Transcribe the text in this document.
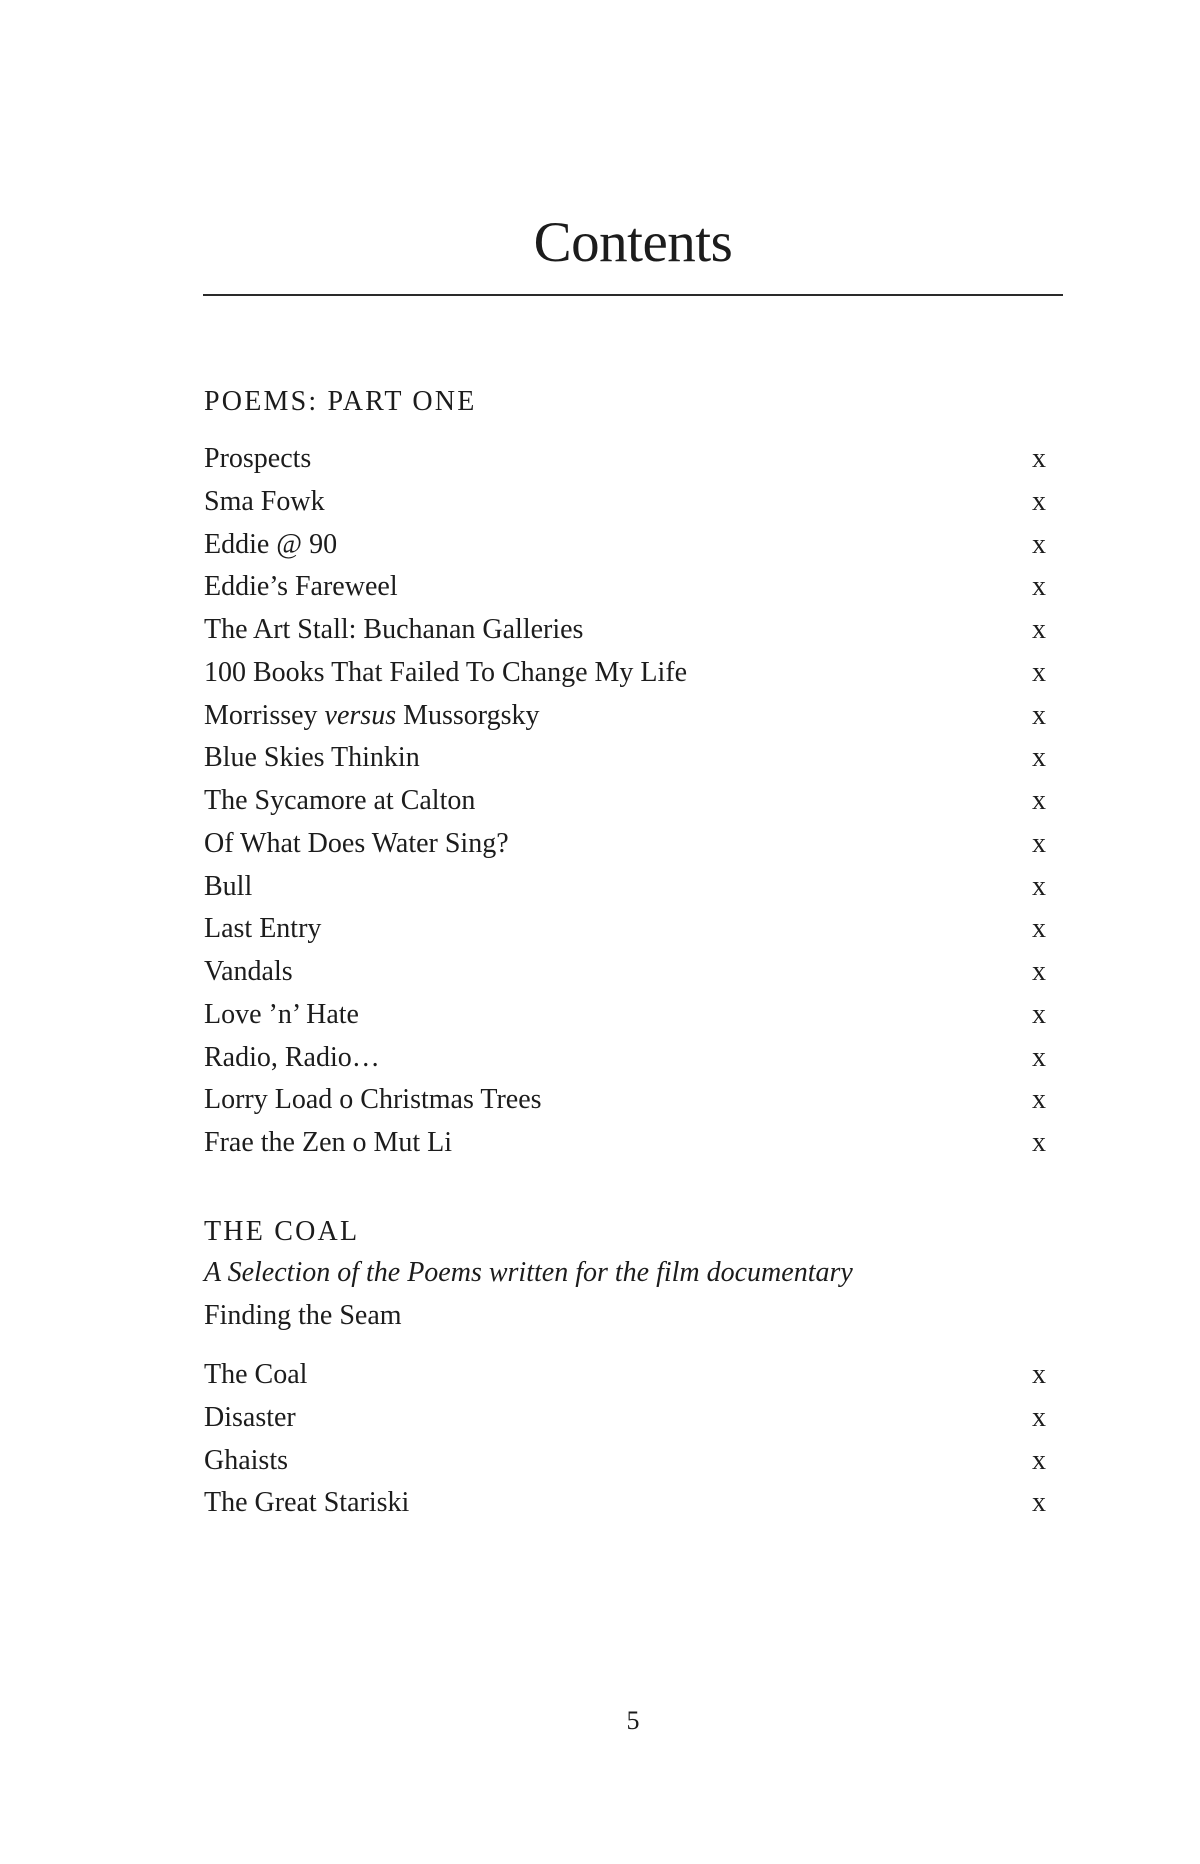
Contents
POEMS: PART ONE
Prospects	x
Sma Fowk	x
Eddie @ 90	x
Eddie’s Fareweel	x
The Art Stall: Buchanan Galleries	x
100 Books That Failed To Change My Life	x
Morrissey versus Mussorgsky	x
Blue Skies Thinkin	x
The Sycamore at Calton	x
Of What Does Water Sing?	x
Bull	x
Last Entry	x
Vandals	x
Love ’n’ Hate	x
Radio, Radio…	x
Lorry Load o Christmas Trees	x
Frae the Zen o Mut Li	x
THE COAL
A Selection of the Poems written for the film documentary
Finding the Seam
The Coal	x
Disaster	x
Ghaists	x
The Great Stariski	x
5
